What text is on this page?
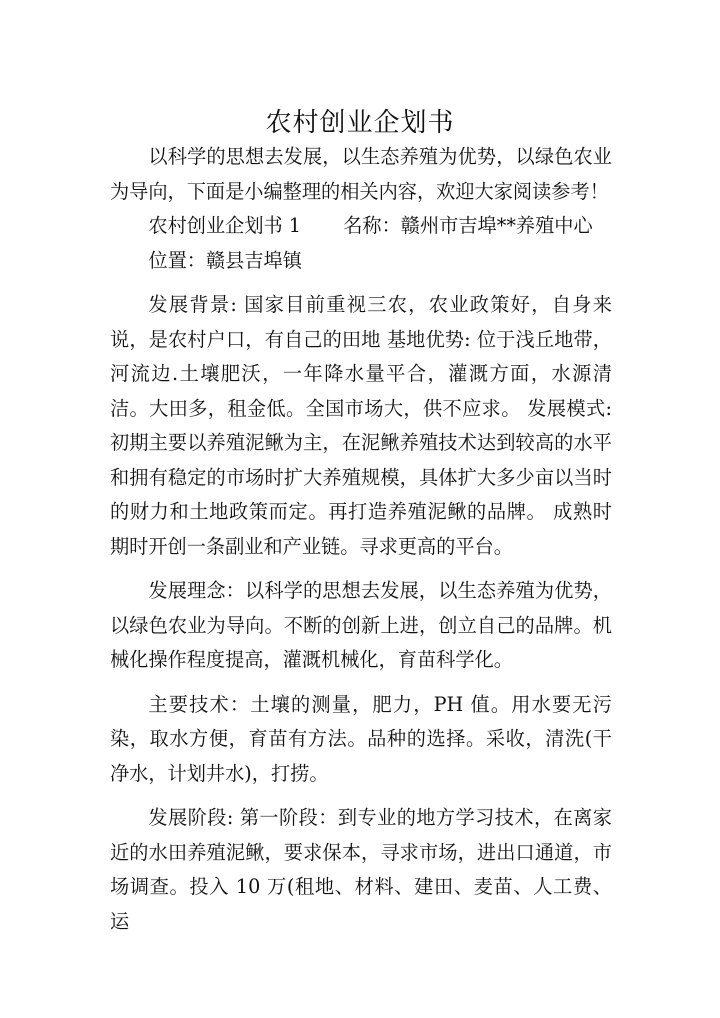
农村创业企划书

以科学的思想去发展，以生态养殖为优势，以绿色农业为导向，下面是小编整理的相关内容，欢迎大家阅读参考！

农村创业企划书 1 名称：赣州市吉埠**养殖中心

位置：赣县吉埠镇

发展背景: 国家目前重视三农，农业政策好，自身来说，是农村户口，有自己的田地 基地优势: 位于浅丘地带，河流边.土壤肥沃，一年降水量平合，灌溉方面，水源清洁。大田多，租金低。全国市场大，供不应求。 发展模式: 初期主要以养殖泥鳅为主，在泥鳅养殖技术达到较高的水平和拥有稳定的市场时扩大养殖规模，具体扩大多少亩以当时的财力和土地政策而定。再打造养殖泥鳅的品牌。 成熟时期时开创一条副业和产业链。寻求更高的平台。

发展理念：以科学的思想去发展，以生态养殖为优势，以绿色农业为导向。不断的创新上进，创立自己的品牌。机械化操作程度提高，灌溉机械化，育苗科学化。

主要技术：土壤的测量，肥力，PH 值。用水要无污染，取水方便，育苗有方法。品种的选择。采收，清洗(干净水，计划井水)，打捞。

发展阶段: 第一阶段：到专业的地方学习技术，在离家近的水田养殖泥鳅，要求保本，寻求市场，进出口通道，市场调查。投入 10 万(租地、材料、建田、麦苗、人工费、运
